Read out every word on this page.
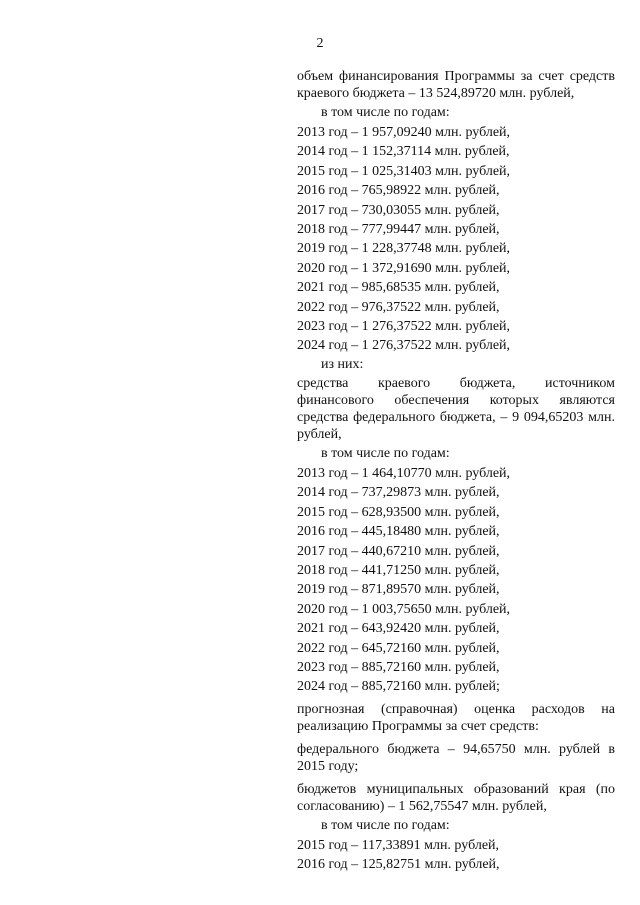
2

объем финансирования Программы за счет средств краевого бюджета – 13 524,89720 млн. рублей,

в том числе по годам:

2013 год – 1 957,09240 млн. рублей,
2014 год – 1 152,37114 млн. рублей,
2015 год – 1 025,31403 млн. рублей,
2016 год – 765,98922 млн. рублей,
2017 год – 730,03055 млн. рублей,
2018 год – 777,99447 млн. рублей,
2019 год – 1 228,37748 млн. рублей,
2020 год – 1 372,91690 млн. рублей,
2021 год – 985,68535 млн. рублей,
2022 год – 976,37522 млн. рублей,
2023 год – 1 276,37522 млн. рублей,
2024 год – 1 276,37522 млн. рублей,

из них:

средства краевого бюджета, источником финансового обеспечения которых являются средства федерального бюджета, – 9 094,65203 млн. рублей,

в том числе по годам:

2013 год – 1 464,10770 млн. рублей,
2014 год – 737,29873 млн. рублей,
2015 год – 628,93500 млн. рублей,
2016 год – 445,18480 млн. рублей,
2017 год – 440,67210 млн. рублей,
2018 год – 441,71250 млн. рублей,
2019 год – 871,89570 млн. рублей,
2020 год – 1 003,75650 млн. рублей,
2021 год – 643,92420 млн. рублей,
2022 год – 645,72160 млн. рублей,
2023 год – 885,72160 млн. рублей,
2024 год – 885,72160 млн. рублей;

прогнозная (справочная) оценка расходов на реализацию Программы за счет средств:

федерального бюджета – 94,65750 млн. рублей в 2015 году;

бюджетов муниципальных образований края (по согласованию) – 1 562,75547 млн. рублей,

в том числе по годам:

2015 год – 117,33891 млн. рублей,
2016 год – 125,82751 млн. рублей,
